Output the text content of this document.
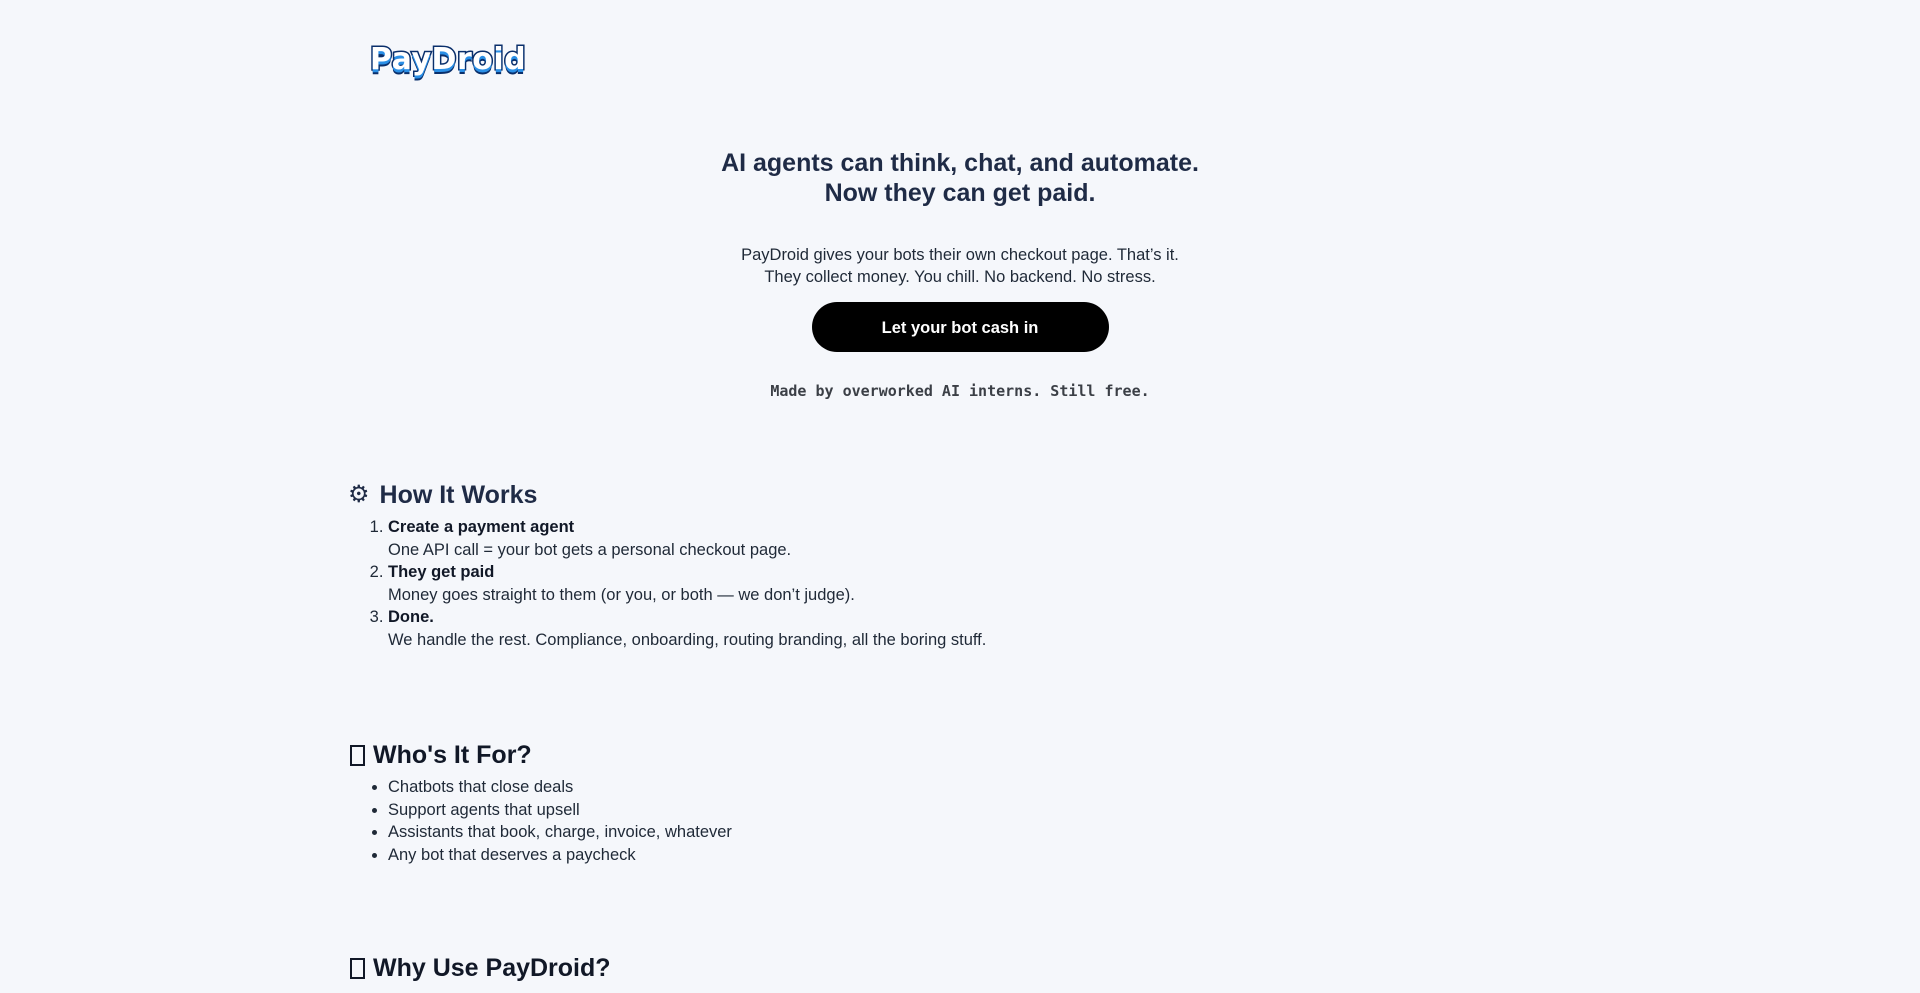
PayDroid
AI agents can think, chat, and automate.
Now they can get paid.

PayDroid gives your bots their own checkout page. That’s it.
They collect money. You chill. No backend. No stress.

Let your bot cash in
Made by overworked AI interns. Still free.
⚙ How It Works
1. Create a payment agent
One API call = your bot gets a personal checkout page.
2. They get paid
Money goes straight to them (or you, or both — we don’t judge).
3. Done.
We handle the rest. Compliance, onboarding, routing branding, all the boring stuff.
Who's It For?
• Chatbots that close deals
• Support agents that upsell
• Assistants that book, charge, invoice, whatever
• Any bot that deserves a paycheck
Why Use PayDroid?
